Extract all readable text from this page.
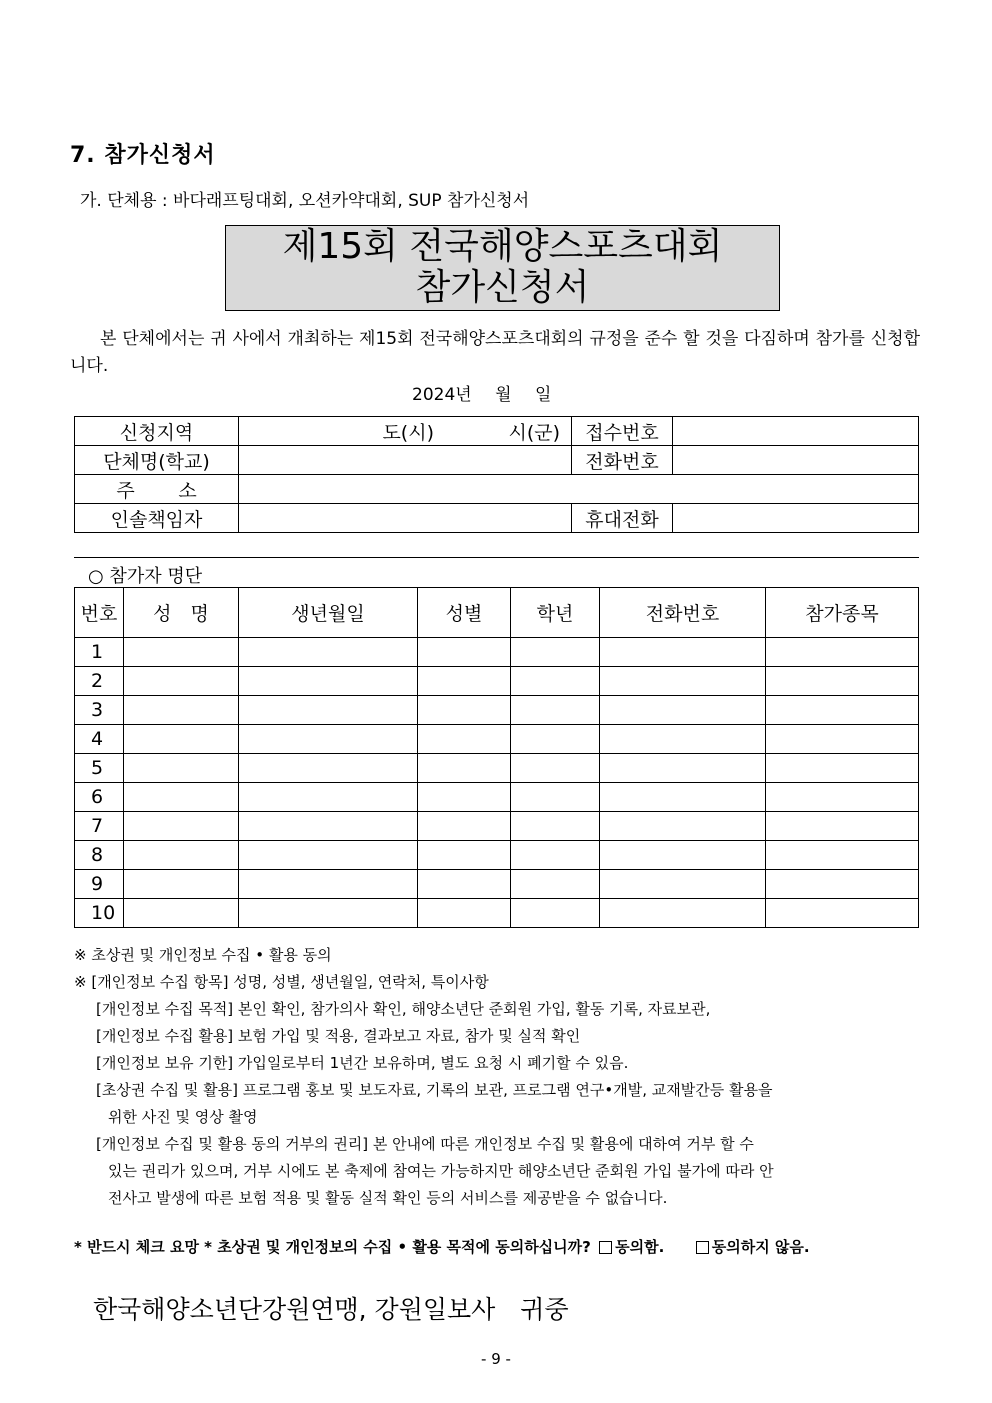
7. 참가신청서
가. 단체용 : 바다래프팅대회, 오션카약대회, SUP 참가신청서
제15회 전국해양스포츠대회
참가신청서
본 단체에서는 귀 사에서 개최하는 제15회 전국해양스포츠대회의 규정을 준수 할 것을 다짐하며 참가를 신청합니다.
2024년 월 일
신청지역	도(시) 시(군)	접수번호	
단체명(학교)		전화번호	
주 소			
인솔책임자		휴대전화	
○ 참가자 명단
번호	성　명	생년월일	성별	학년	전화번호	참가종목
1						
2						
3						
4						
5						
6						
7						
8						
9						
10						
※ 초상권 및 개인정보 수집 • 활용 동의
※ [개인정보 수집 항목] 성명, 성별, 생년월일, 연락처, 특이사항
[개인정보 수집 목적] 본인 확인, 참가의사 확인, 해양소년단 준회원 가입, 활동 기록, 자료보관,
[개인정보 수집 활용] 보험 가입 및 적용, 결과보고 자료, 참가 및 실적 확인
[개인정보 보유 기한] 가입일로부터 1년간 보유하며, 별도 요청 시 폐기할 수 있음.
[초상권 수집 및 활용] 프로그램 홍보 및 보도자료, 기록의 보관, 프로그램 연구•개발, 교재발간등 활용을
위한 사진 및 영상 촬영
[개인정보 수집 및 활용 동의 거부의 권리] 본 안내에 따른 개인정보 수집 및 활용에 대하여 거부 할 수
있는 권리가 있으며, 거부 시에도 본 축제에 참여는 가능하지만 해양소년단 준회원 가입 불가에 따라 안
전사고 발생에 따른 보험 적용 및 활동 실적 확인 등의 서비스를 제공받을 수 없습니다.
* 반드시 체크 요망 * 초상권 및 개인정보의 수집 • 활용 목적에 동의하십니까? 동의함.	동의하지 않음.
한국해양소년단강원연맹, 강원일보사　귀중
- 9 -
